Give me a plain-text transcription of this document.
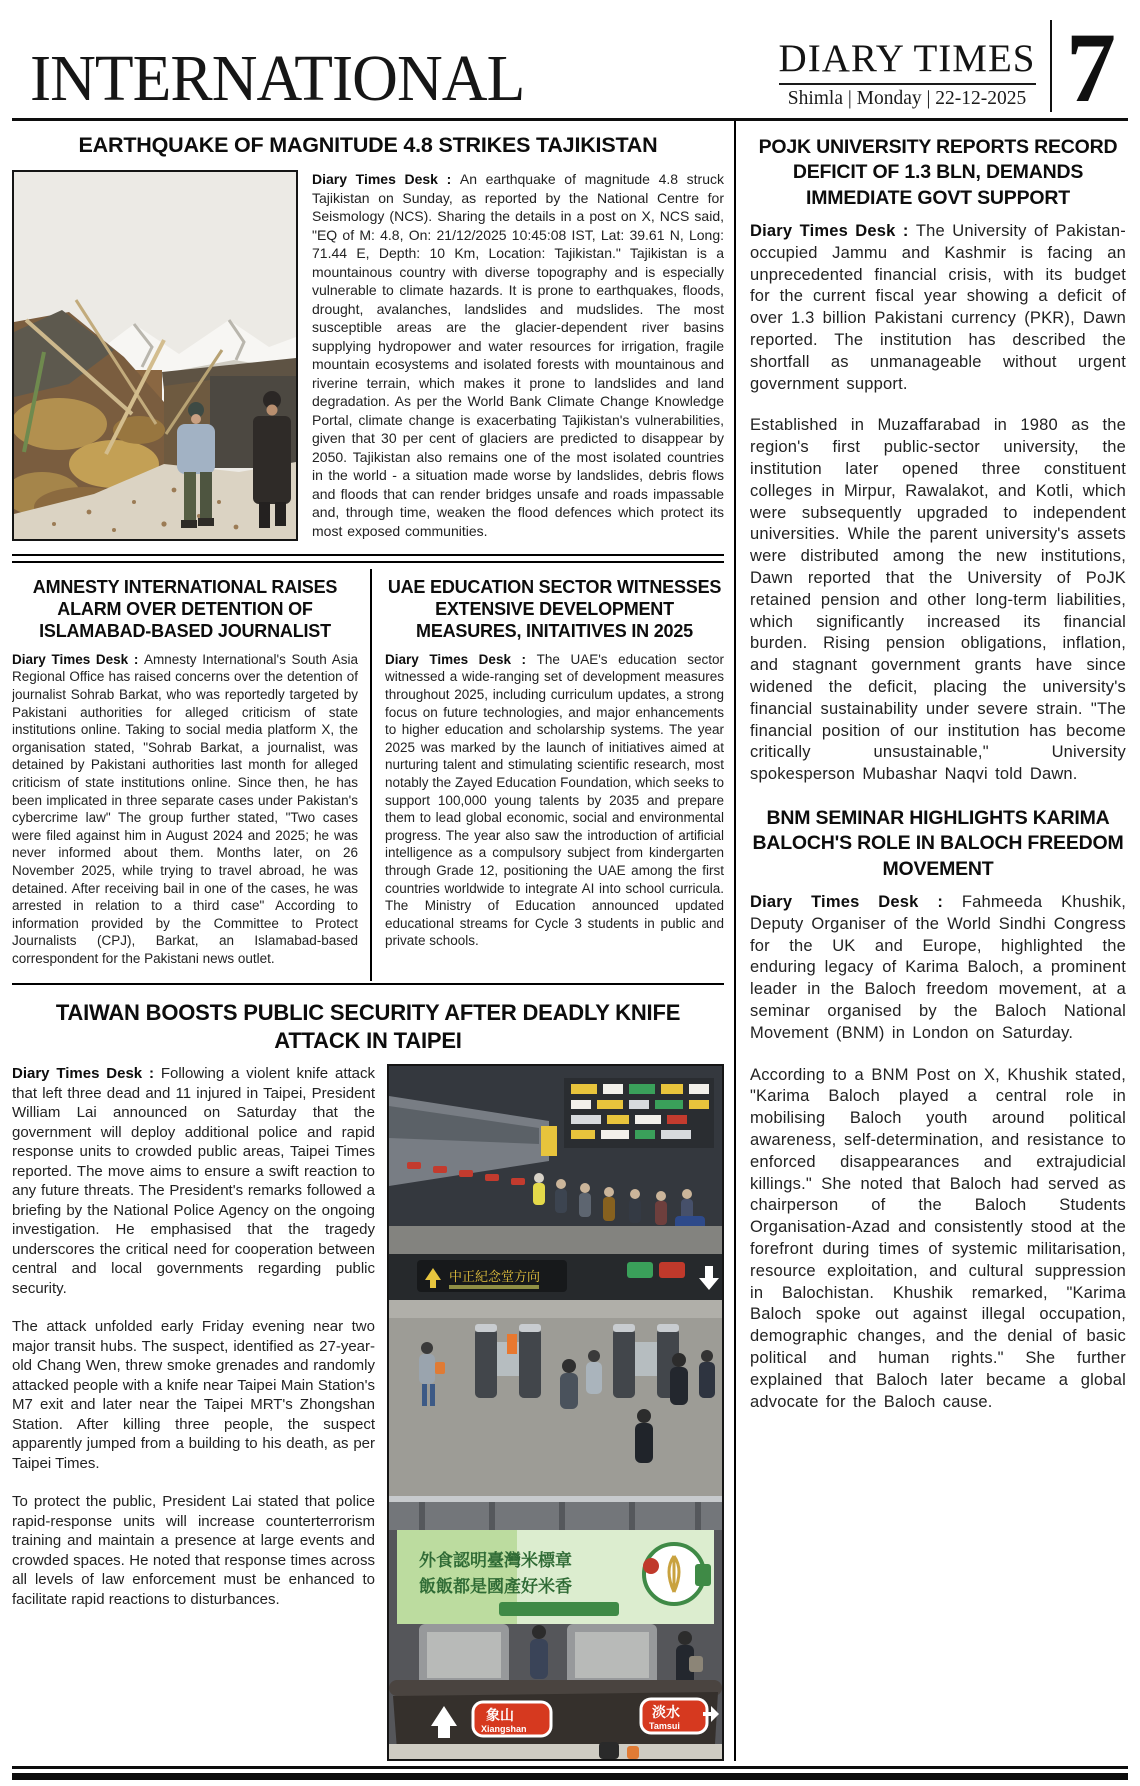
INTERNATIONAL	DIARY TIMES
Shimla | Monday | 22-12-2025 7
EARTHQUAKE OF MAGNITUDE 4.8 STRIKES TAJIKISTAN
Diary Times Desk : An earthquake of magnitude 4.8 struck Tajikistan on Sunday, as reported by the National Centre for Seismology (NCS). Sharing the details in a post on X, NCS said, "EQ of M: 4.8, On: 21/12/2025 10:45:08 IST, Lat: 39.61 N, Long: 71.44 E, Depth: 10 Km, Location: Tajikistan." Tajikistan is a mountainous country with diverse topography and is especially vulnerable to climate hazards. It is prone to earthquakes, floods, drought, avalanches, landslides and mudslides. The most susceptible areas are the glacier-dependent river basins supplying hydropower and water resources for irrigation, fragile mountain ecosystems and isolated forests with mountainous and riverine terrain, which makes it prone to landslides and land degradation. As per the World Bank Climate Change Knowledge Portal, climate change is exacerbating Tajikistan's vulnerabilities, given that 30 per cent of glaciers are predicted to disappear by 2050. Tajikistan also remains one of the most isolated countries in the world - a situation made worse by landslides, debris flows and floods that can render bridges unsafe and roads impassable and, through time, weaken the flood defences which protect its most exposed communities.
AMNESTY INTERNATIONAL RAISES ALARM OVER DETENTION OF ISLAMABAD-BASED JOURNALIST
Diary Times Desk : Amnesty International's South Asia Regional Office has raised concerns over the detention of journalist Sohrab Barkat, who was reportedly targeted by Pakistani authorities for alleged criticism of state institutions online. Taking to social media platform X, the organisation stated, "Sohrab Barkat, a journalist, was detained by Pakistani authorities last month for alleged criticism of state institutions online. Since then, he has been implicated in three separate cases under Pakistan's cybercrime law" The group further stated, "Two cases were filed against him in August 2024 and 2025; he was never informed about them. Months later, on 26 November 2025, while trying to travel abroad, he was detained. After receiving bail in one of the cases, he was arrested in relation to a third case" According to information provided by the Committee to Protect Journalists (CPJ), Barkat, an Islamabad-based correspondent for the Pakistani news outlet.
UAE EDUCATION SECTOR WITNESSES EXTENSIVE DEVELOPMENT MEASURES, INITAITIVES IN 2025
Diary Times Desk : The UAE's education sector witnessed a wide-ranging set of development measures throughout 2025, including curriculum updates, a strong focus on future technologies, and major enhancements to higher education and scholarship systems. The year 2025 was marked by the launch of initiatives aimed at nurturing talent and stimulating scientific research, most notably the Zayed Education Foundation, which seeks to support 100,000 young talents by 2035 and prepare them to lead global economic, social and environmental progress. The year also saw the introduction of artificial intelligence as a compulsory subject from kindergarten through Grade 12, positioning the UAE among the first countries worldwide to integrate AI into school curricula. The Ministry of Education announced updated educational streams for Cycle 3 students in public and private schools.
TAIWAN BOOSTS PUBLIC SECURITY AFTER DEADLY KNIFE ATTACK IN TAIPEI

Diary Times Desk : Following a violent knife attack that left three dead and 11 injured in Taipei, President William Lai announced on Saturday that the government will deploy additional police and rapid response units to crowded public areas, Taipei Times reported. The move aims to ensure a swift reaction to any future threats. The President's remarks followed a briefing by the National Police Agency on the ongoing investigation. He emphasised that the tragedy underscores the critical need for cooperation between central and local governments regarding public security.

The attack unfolded early Friday evening near two major transit hubs. The suspect, identified as 27-year-old Chang Wen, threw smoke grenades and randomly attacked people with a knife near Taipei Main Station's M7 exit and later near the Taipei MRT's Zhongshan Station. After killing three people, the suspect apparently jumped from a building to his death, as per Taipei Times.

To protect the public, President Lai stated that police rapid-response units will increase counterterrorism training and maintain a presence at large events and crowded spaces. He noted that response times across all levels of law enforcement must be enhanced to facilitate rapid reactions to disturbances.

中正紀念堂方向
外食認明臺灣米標章
飯飯都是國產好米香
象山
Xiangshan
淡水
Tamsui
POJK UNIVERSITY REPORTS RECORD DEFICIT OF 1.3 BLN, DEMANDS IMMEDIATE GOVT SUPPORT

Diary Times Desk : The University of Pakistan-occupied Jammu and Kashmir is facing an unprecedented financial crisis, with its budget for the current fiscal year showing a deficit of over 1.3 billion Pakistani currency (PKR), Dawn reported. The institution has described the shortfall as unmanageable without urgent government support.

Established in Muzaffarabad in 1980 as the region's first public-sector university, the institution later opened three constituent colleges in Mirpur, Rawalakot, and Kotli, which were subsequently upgraded to independent universities. While the parent university's assets were distributed among the new institutions, Dawn reported that the University of PoJK retained pension and other long-term liabilities, which significantly increased its financial burden. Rising pension obligations, inflation, and stagnant government grants have since widened the deficit, placing the university's financial sustainability under severe strain. "The financial position of our institution has become critically unsustainable," University spokesperson Mubashar Naqvi told Dawn.

BNM SEMINAR HIGHLIGHTS KARIMA BALOCH'S ROLE IN BALOCH FREEDOM MOVEMENT

Diary Times Desk : Fahmeeda Khushik, Deputy Organiser of the World Sindhi Congress for the UK and Europe, highlighted the enduring legacy of Karima Baloch, a prominent leader in the Baloch freedom movement, at a seminar organised by the Baloch National Movement (BNM) in London on Saturday.

According to a BNM Post on X, Khushik stated, "Karima Baloch played a central role in mobilising Baloch youth around political awareness, self-determination, and resistance to enforced disappearances and extrajudicial killings." She noted that Baloch had served as chairperson of the Baloch Students Organisation-Azad and consistently stood at the forefront during times of systemic militarisation, resource exploitation, and cultural suppression in Balochistan. Khushik remarked, "Karima Baloch spoke out against illegal occupation, demographic changes, and the denial of basic political and human rights." She further explained that Baloch later became a global advocate for the Baloch cause.
